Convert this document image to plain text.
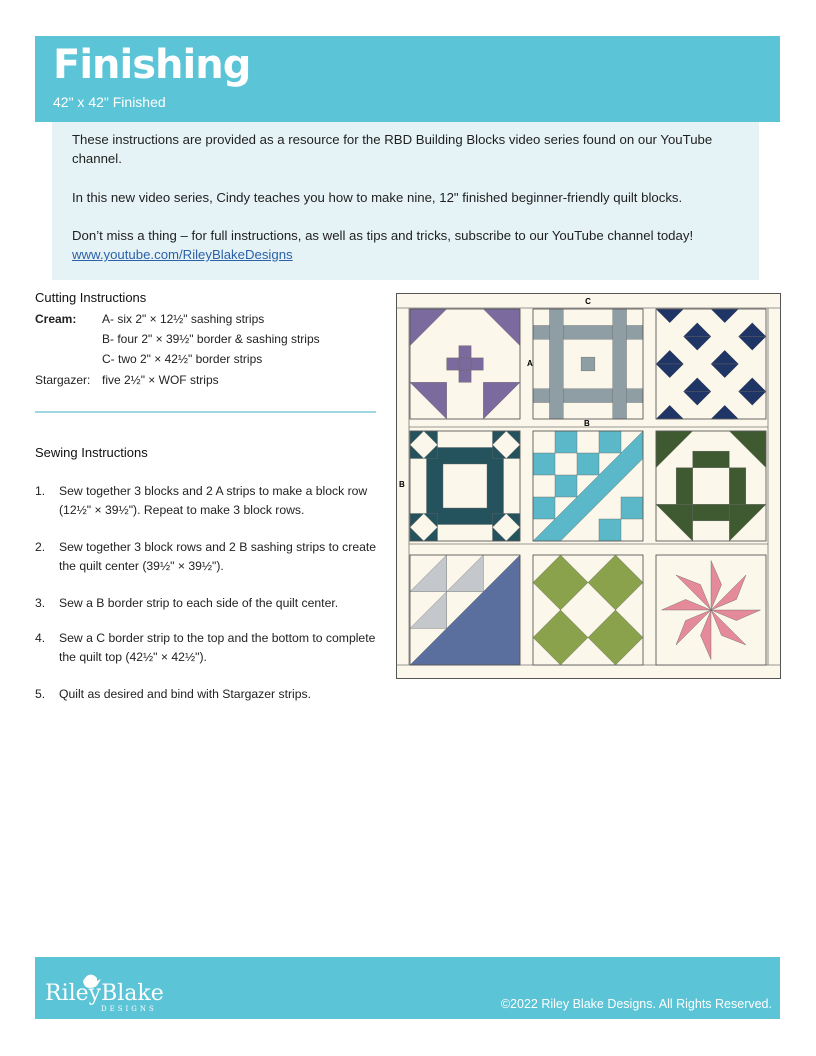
Finishing
42" x 42" Finished

These instructions are provided as a resource for the RBD Building Blocks video series found on our YouTube channel.

In this new video series, Cindy teaches you how to make nine, 12" finished beginner-friendly quilt blocks.

Don’t miss a thing – for full instructions, as well as tips and tricks, subscribe to our YouTube channel today! www.youtube.com/RileyBlakeDesigns

Cutting Instructions
Cream: A- six 2" × 12½" sashing strips
B- four 2" × 39½" border & sashing strips
C- two 2" × 42½" border strips
Stargazer: five 2½" × WOF strips
Sewing Instructions
1. Sew together 3 blocks and 2 A strips to make a block row (12½" × 39½"). Repeat to make 3 block rows.
2. Sew together 3 block rows and 2 B sashing strips to create the quilt center (39½" × 39½").
3. Sew a B border strip to each side of the quilt center.
4. Sew a C border strip to the top and the bottom to complete the quilt top (42½" × 42½").
5. Quilt as desired and bind with Stargazer strips.
C
A
B
B
RileyBlake
DESIGNS	©2022 Riley Blake Designs. All Rights Reserved.
